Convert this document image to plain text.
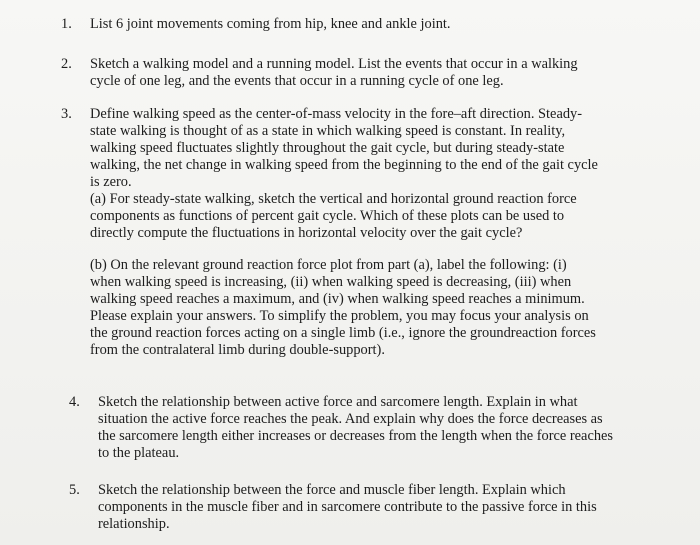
1. List 6 joint movements coming from hip, knee and ankle joint.

2. Sketch a walking model and a running model. List the events that occur in a walking

cycle of one leg, and the events that occur in a running cycle of one leg.

3. Define walking speed as the center-of-mass velocity in the fore–aft direction. Steady-

state walking is thought of as a state in which walking speed is constant. In reality,

walking speed fluctuates slightly throughout the gait cycle, but during steady-state

walking, the net change in walking speed from the beginning to the end of the gait cycle

is zero.

(a) For steady-state walking, sketch the vertical and horizontal ground reaction force

components as functions of percent gait cycle. Which of these plots can be used to

directly compute the fluctuations in horizontal velocity over the gait cycle?

(b) On the relevant ground reaction force plot from part (a), label the following: (i)

when walking speed is increasing, (ii) when walking speed is decreasing, (iii) when

walking speed reaches a maximum, and (iv) when walking speed reaches a minimum.

Please explain your answers. To simplify the problem, you may focus your analysis on

the ground reaction forces acting on a single limb (i.e., ignore the groundreaction forces

from the contralateral limb during double-support).

4. Sketch the relationship between active force and sarcomere length. Explain in what

situation the active force reaches the peak. And explain why does the force decreases as

the sarcomere length either increases or decreases from the length when the force reaches

to the plateau.

5. Sketch the relationship between the force and muscle fiber length. Explain which

components in the muscle fiber and in sarcomere contribute to the passive force in this

relationship.
